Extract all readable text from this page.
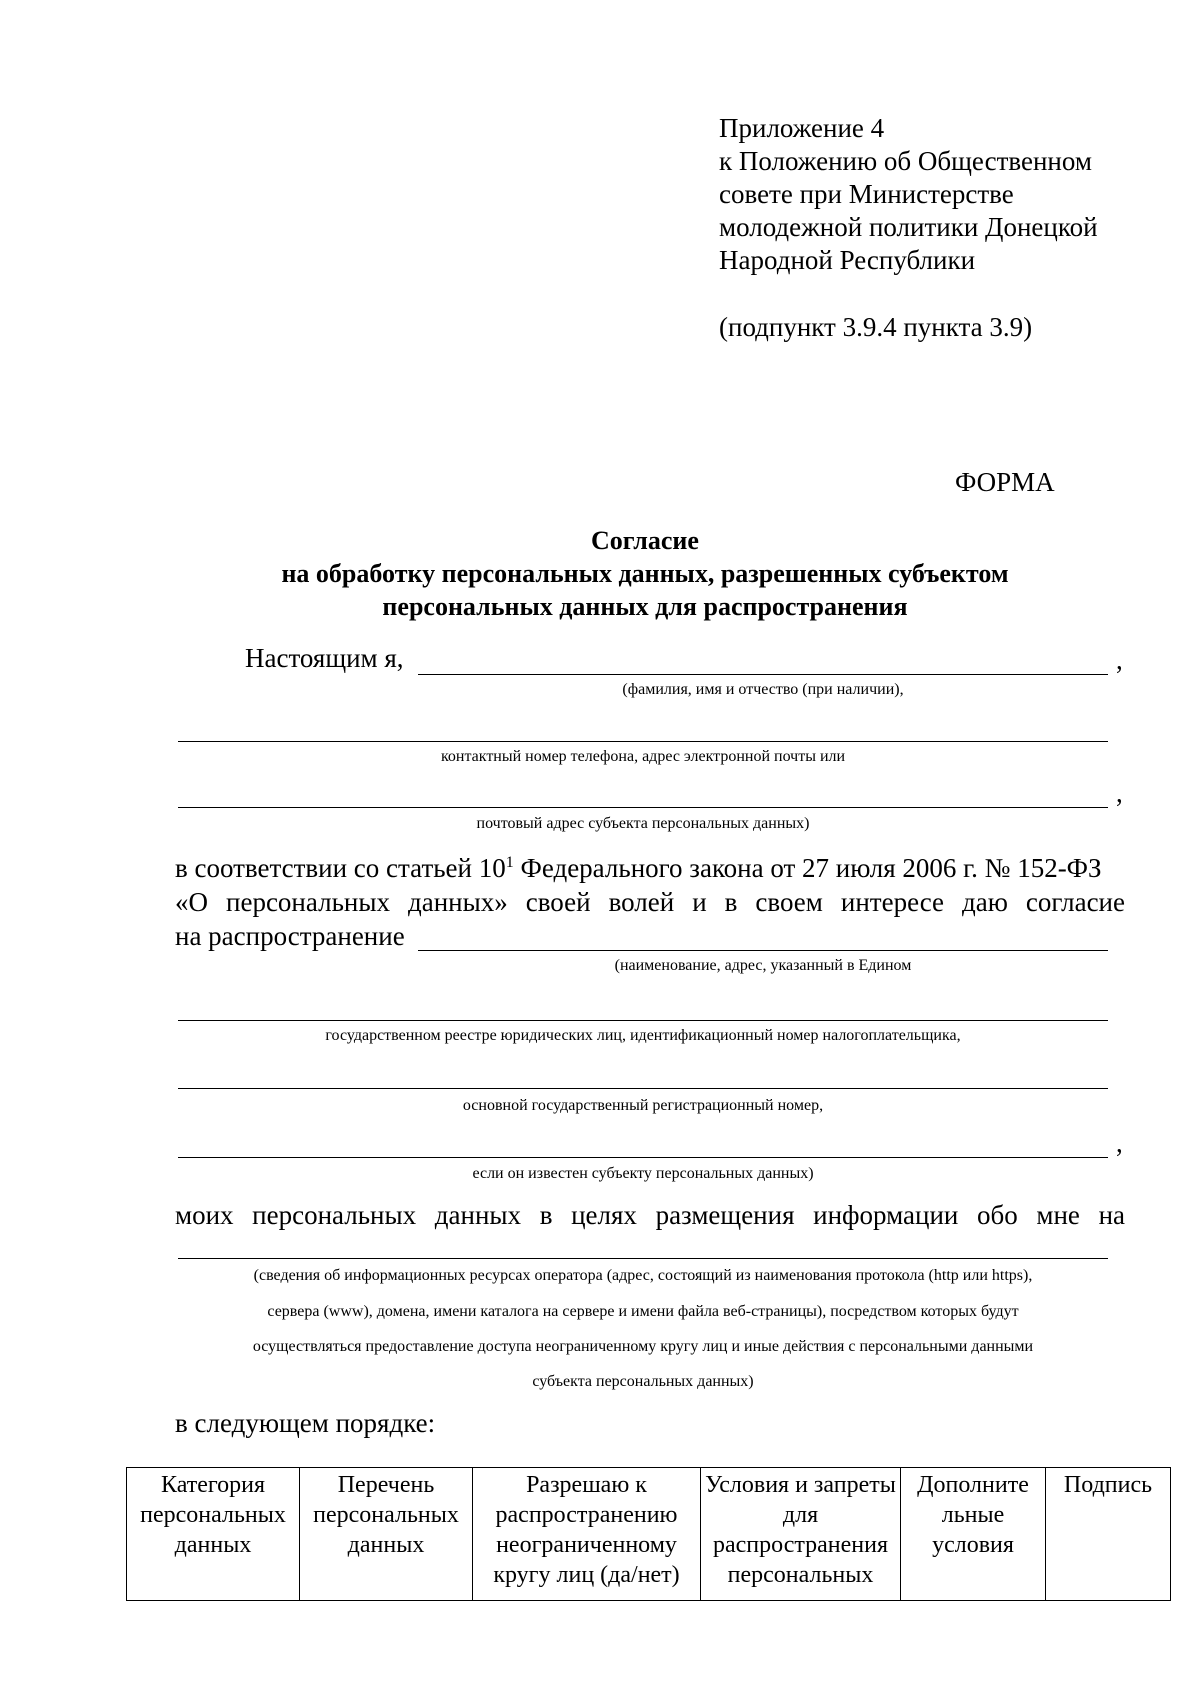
Приложение 4
к Положению об Общественном
совете при Министерстве
молодежной политики Донецкой
Народной Республики
(подпункт 3.9.4 пункта 3.9)
ФОРМА
Согласие
на обработку персональных данных, разрешенных субъектом
персональных данных для распространения
Настоящим я,	,
(фамилия, имя и отчество (при наличии),
контактный номер телефона, адрес электронной почты или
,
почтовый адрес субъекта персональных данных)
в соответствии со статьей $10^1$ Федерального закона от 27 июля 2006 г. № 152-ФЗ
«О персональных данных» своей волей и в своем интересе даю согласие
на распространение
(наименование, адрес, указанный в Едином
государственном реестре юридических лиц, идентификационный номер налогоплательщика,
основной государственный регистрационный номер,
,
если он известен субъекту персональных данных)
моих персональных данных в целях размещения информации обо мне на
(сведения об информационных ресурсах оператора (адрес, состоящий из наименования протокола (http или https),
сервера (www), домена, имени каталога на сервере и имени файла веб-страницы), посредством которых будут
осуществляться предоставление доступа неограниченному кругу лиц и иные действия с персональными данными
субъекта персональных данных)
в следующем порядке:
Категория персональных данных	Перечень персональных данных	Разрешаю к распространению неограниченному кругу лиц (да/нет)	Условия и запреты для распространения персональных	Дополните льные условия	Подпись
